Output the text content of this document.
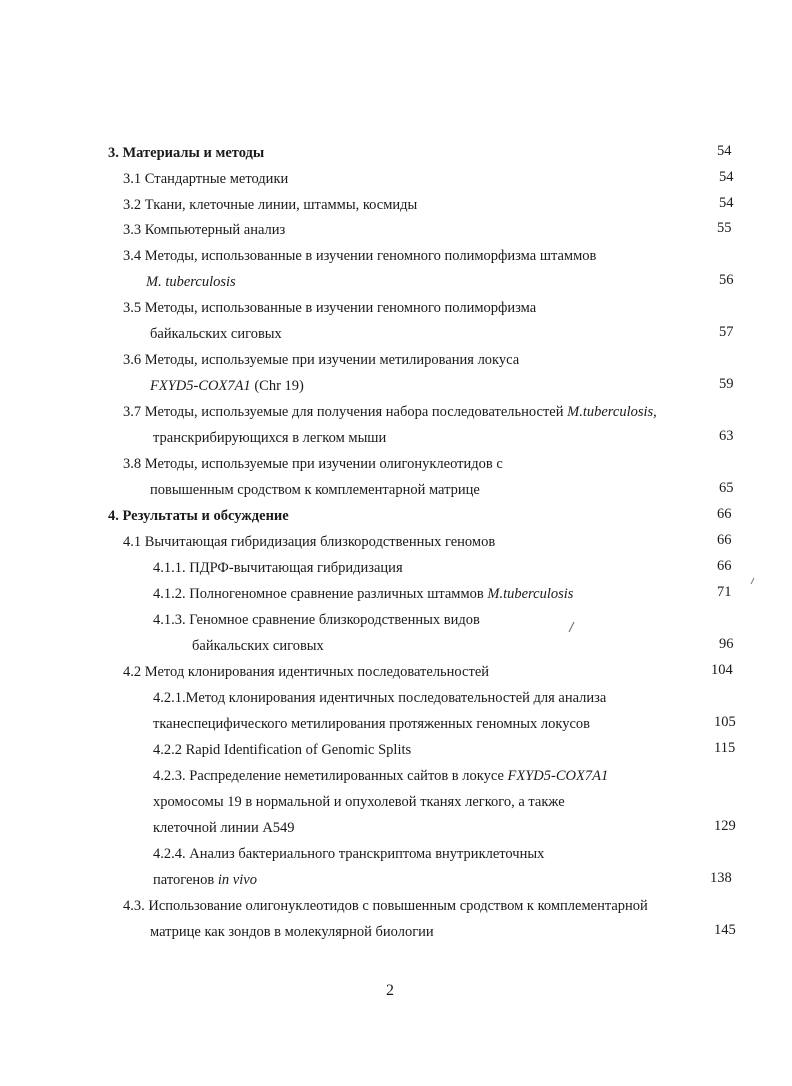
3. Материалы и методы	54
3.1 Стандартные методики	54
3.2 Ткани, клеточные линии, штаммы, космиды	54
3.3 Компьютерный анализ	55
3.4 Методы, использованные в изучении геномного полиморфизма штаммов
M. tuberculosis	56
3.5 Методы, использованные в изучении геномного полиморфизма
байкальских сиговых	57
3.6 Методы, используемые при изучении метилирования локуса
FXYD5-COX7A1 (Chr 19)	59
3.7 Методы, используемые для получения набора последовательностей M.tuberculosis,
транскрибирующихся в легком мыши	63
3.8 Методы, используемые при изучении олигонуклеотидов с
повышенным сродством к комплементарной матрице	65
4. Результаты и обсуждение	66
4.1 Вычитающая гибридизация близкородственных геномов	66
4.1.1. ПДРФ-вычитающая гибридизация	66
4.1.2. Полногеномное сравнение различных штаммов M.tuberculosis	71
4.1.3. Геномное сравнение близкородственных видов
байкальских сиговых	96
4.2 Метод клонирования идентичных последовательностей	104
4.2.1.Метод клонирования идентичных последовательностей для анализа
тканеспецифического метилирования протяженных геномных локусов	105
4.2.2 Rapid Identification of Genomic Splits	115
4.2.3. Распределение неметилированных сайтов в локусе FXYD5-COX7A1
хромосомы 19 в нормальной и опухолевой тканях легкого, а также
клеточной линии А549	129
4.2.4. Анализ бактериального транскриптома внутриклеточных
патогенов in vivo	138
4.3. Использование олигонуклеотидов с повышенным сродством к комплементарной
матрице как зондов в молекулярной биологии	145
2
